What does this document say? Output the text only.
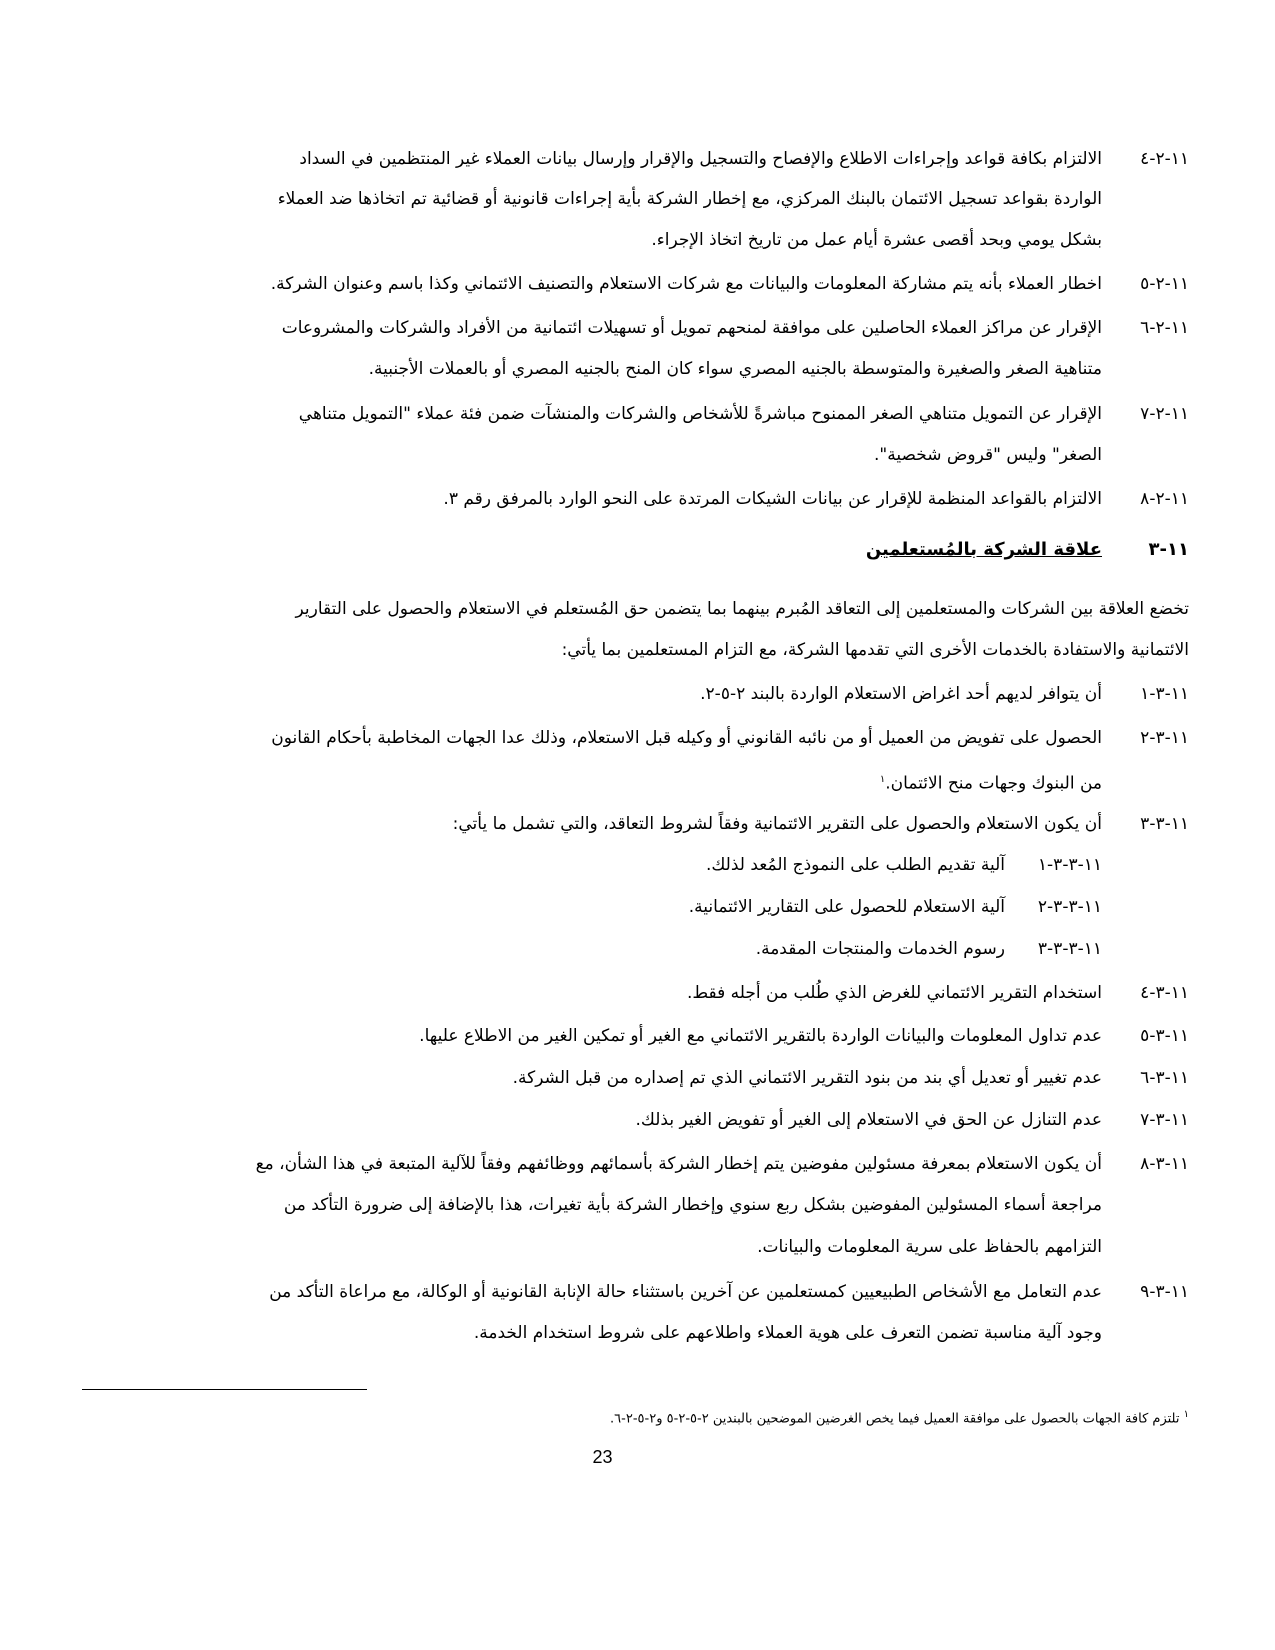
١١-٢-٤
الالتزام بكافة قواعد وإجراءات الاطلاع والإفصاح والتسجيل والإقرار وإرسال بيانات العملاء غير المنتظمين في السداد
الواردة بقواعد تسجيل الائتمان بالبنك المركزي، مع إخطار الشركة بأية إجراءات قانونية أو قضائية تم اتخاذها ضد العملاء
بشكل يومي وبحد أقصى عشرة أيام عمل من تاريخ اتخاذ الإجراء.
١١-٢-٥
اخطار العملاء بأنه يتم مشاركة المعلومات والبيانات مع شركات الاستعلام والتصنيف الائتماني وكذا باسم وعنوان الشركة.
١١-٢-٦
الإقرار عن مراكز العملاء الحاصلين على موافقة لمنحهم تمويل أو تسهيلات ائتمانية من الأفراد والشركات والمشروعات
متناهية الصغر والصغيرة والمتوسطة بالجنيه المصري سواء كان المنح بالجنيه المصري أو بالعملات الأجنبية.
١١-٢-٧
الإقرار عن التمويل متناهي الصغر الممنوح مباشرةً للأشخاص والشركات والمنشآت ضمن فئة عملاء "التمويل متناهي
الصغر" وليس "قروض شخصية".
١١-٢-٨
الالتزام بالقواعد المنظمة للإقرار عن بيانات الشيكات المرتدة على النحو الوارد بالمرفق رقم ٣.
١١-٣
علاقة الشركة بالمُستعلمين
تخضع العلاقة بين الشركات والمستعلمين إلى التعاقد المُبرم بينهما بما يتضمن حق المُستعلم في الاستعلام والحصول على التقارير
الائتمانية والاستفادة بالخدمات الأخرى التي تقدمها الشركة، مع التزام المستعلمين بما يأتي:
١١-٣-١
أن يتوافر لديهم أحد اغراض الاستعلام الواردة بالبند ٢-٥-٢.
١١-٣-٢
الحصول على تفويض من العميل أو من نائبه القانوني أو وكيله قبل الاستعلام، وذلك عدا الجهات المخاطبة بأحكام القانون
من البنوك وجهات منح الائتمان.$^١$
١١-٣-٣
أن يكون الاستعلام والحصول على التقرير الائتمانية وفقاً لشروط التعاقد، والتي تشمل ما يأتي:
١١-٣-٣-١
آلية تقديم الطلب على النموذج المُعد لذلك.
١١-٣-٣-٢
آلية الاستعلام للحصول على التقارير الائتمانية.
١١-٣-٣-٣
رسوم الخدمات والمنتجات المقدمة.
١١-٣-٤
استخدام التقرير الائتماني للغرض الذي طُلب من أجله فقط.
١١-٣-٥
عدم تداول المعلومات والبيانات الواردة بالتقرير الائتماني مع الغير أو تمكين الغير من الاطلاع عليها.
١١-٣-٦
عدم تغيير أو تعديل أي بند من بنود التقرير الائتماني الذي تم إصداره من قبل الشركة.
١١-٣-٧
عدم التنازل عن الحق في الاستعلام إلى الغير أو تفويض الغير بذلك.
١١-٣-٨
أن يكون الاستعلام بمعرفة مسئولين مفوضين يتم إخطار الشركة بأسمائهم ووظائفهم وفقاً للآلية المتبعة في هذا الشأن، مع
مراجعة أسماء المسئولين المفوضين بشكل ربع سنوي وإخطار الشركة بأية تغيرات، هذا بالإضافة إلى ضرورة التأكد من
التزامهم بالحفاظ على سرية المعلومات والبيانات.
١١-٣-٩
عدم التعامل مع الأشخاص الطبيعيين كمستعلمين عن آخرين باستثناء حالة الإنابة القانونية أو الوكالة، مع مراعاة التأكد من
وجود آلية مناسبة تضمن التعرف على هوية العملاء واطلاعهم على شروط استخدام الخدمة.
$^١$ تلتزم كافة الجهات بالحصول على موافقة العميل فيما يخص الغرضين الموضحين بالبندين ٢-٥-٢-٥ و٢-٥-٢-٦.
23
